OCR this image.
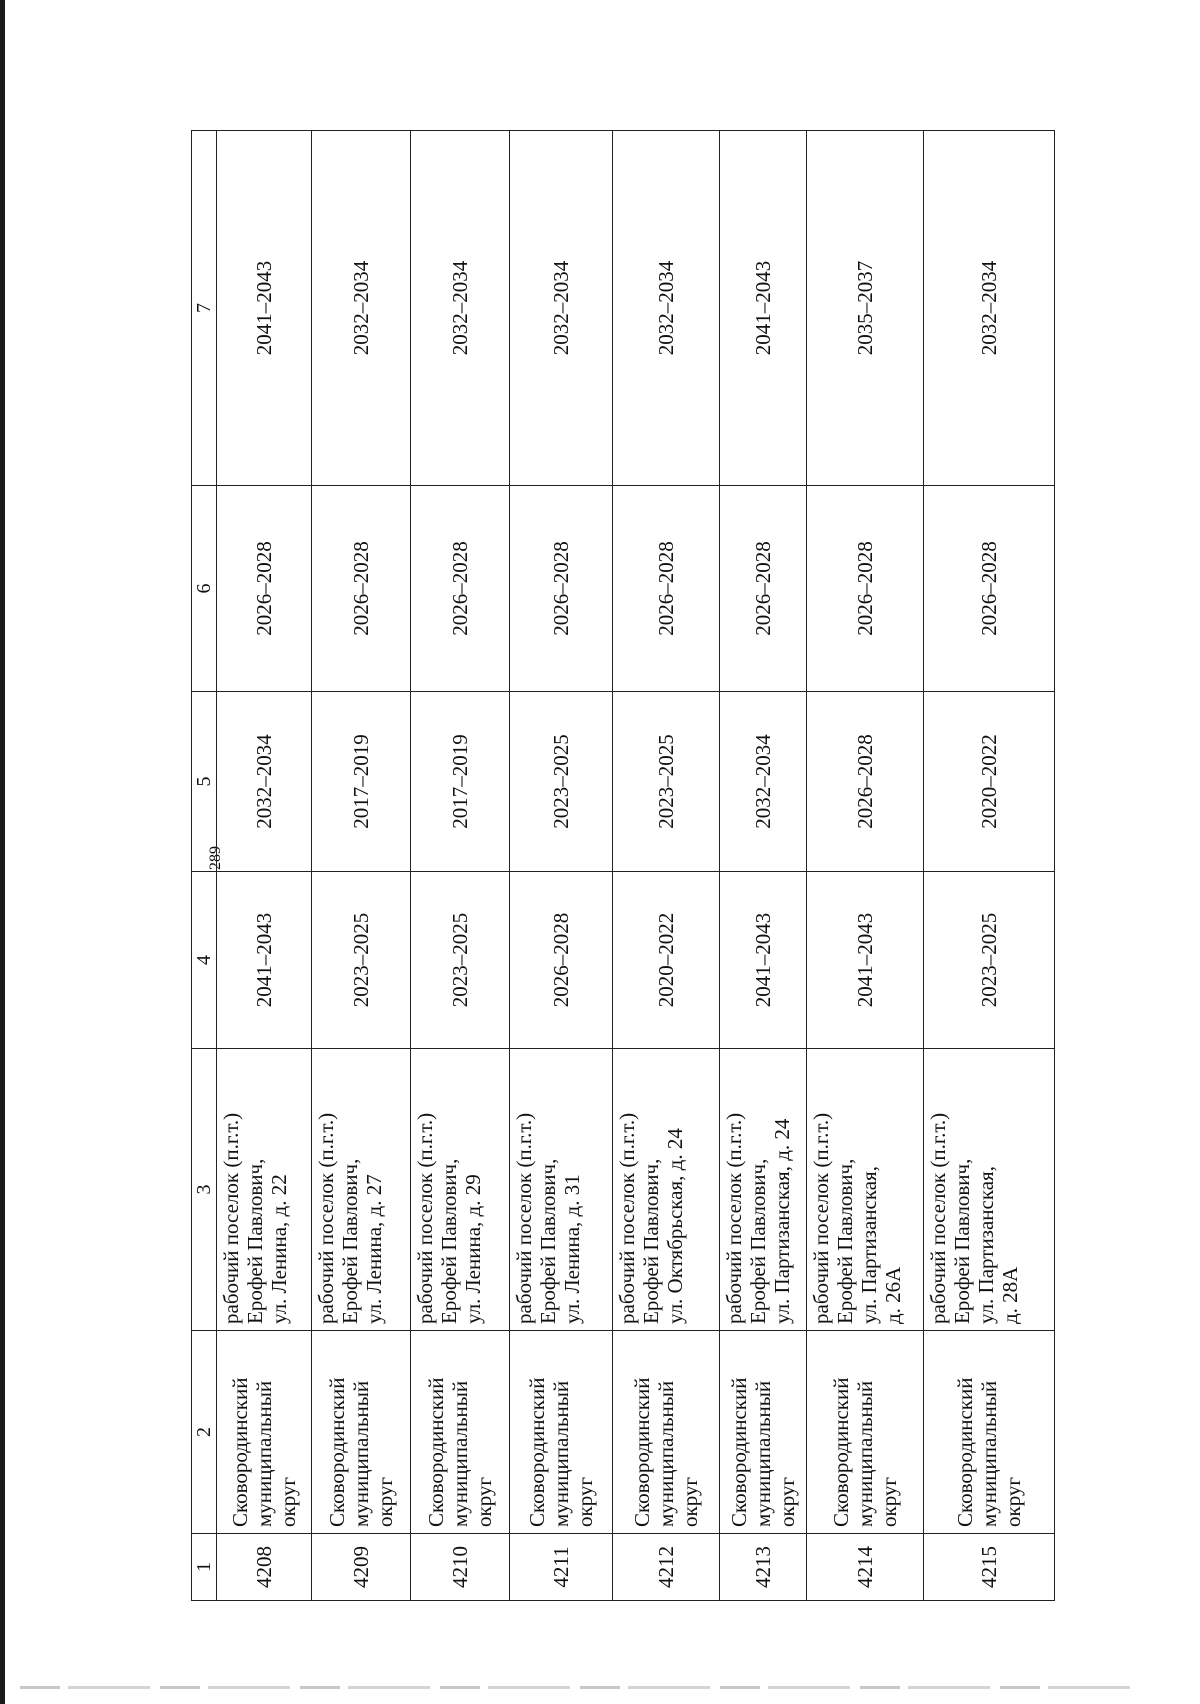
289
1	2	3	4	5	6	7
4208	Сковородинский муниципальный округ	рабочий поселок (п.г.т.) Ерофей Павлович, ул. Ленина, д. 22	2041–2043	2032–2034	2026–2028	2041–2043
4209	Сковородинский муниципальный округ	рабочий поселок (п.г.т.) Ерофей Павлович, ул. Ленина, д. 27	2023–2025	2017–2019	2026–2028	2032–2034
4210	Сковородинский муниципальный округ	рабочий поселок (п.г.т.) Ерофей Павлович, ул. Ленина, д. 29	2023–2025	2017–2019	2026–2028	2032–2034
4211	Сковородинский муниципальный округ	рабочий поселок (п.г.т.) Ерофей Павлович, ул. Ленина, д. 31	2026–2028	2023–2025	2026–2028	2032–2034
4212	Сковородинский муниципальный округ	рабочий поселок (п.г.т.) Ерофей Павлович, ул. Октябрьская, д. 24	2020–2022	2023–2025	2026–2028	2032–2034
4213	Сковородинский муниципальный округ	рабочий поселок (п.г.т.) Ерофей Павлович, ул. Партизанская, д. 24	2041–2043	2032–2034	2026–2028	2041–2043
4214	Сковородинский муниципальный округ	рабочий поселок (п.г.т.) Ерофей Павлович, ул. Партизанская, д. 26А	2041–2043	2026–2028	2026–2028	2035–2037
4215	Сковородинский муниципальный округ	рабочий поселок (п.г.т.) Ерофей Павлович, ул. Партизанская, д. 28А	2023–2025	2020–2022	2026–2028	2032–2034
